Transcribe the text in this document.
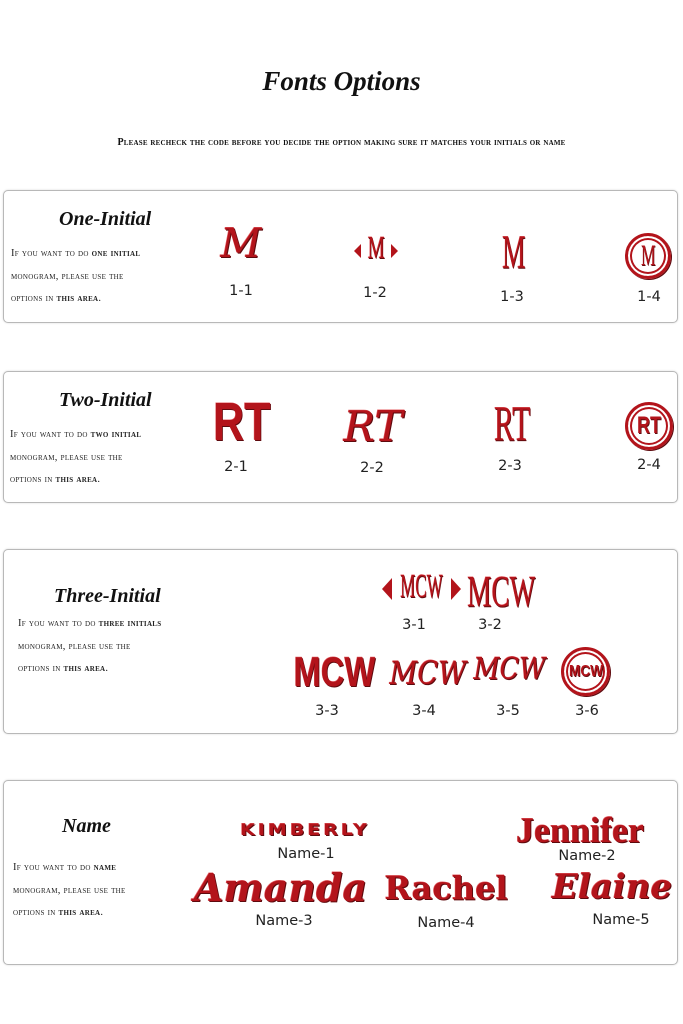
Fonts Options
Please recheck the code before you decide the option making sure it matches your initials or name
One-Initial
If you want to do one initial
monogram, please use the
options in this area.
M
1-1
M
1-2
M
1-3
M
1-4
Two-Initial
If you want to do two initial
monogram, please use the
options in this area.
RT
2-1
RT
2-2
RT
2-3
RT
2-4
Three-Initial
If you want to do three initials
monogram, please use the
options in this area.
MCW
3-1
MCW
3-2
MCW
3-3
MCW
3-4
MCW
3-5
MCW
3-6
Name
If you want to do name
monogram, please use the
options in this area.
KIMBERLY
Name-1
Jennifer
Name-2
Amanda
Name-3
Rachel
Name-4
Elaine
Name-5
